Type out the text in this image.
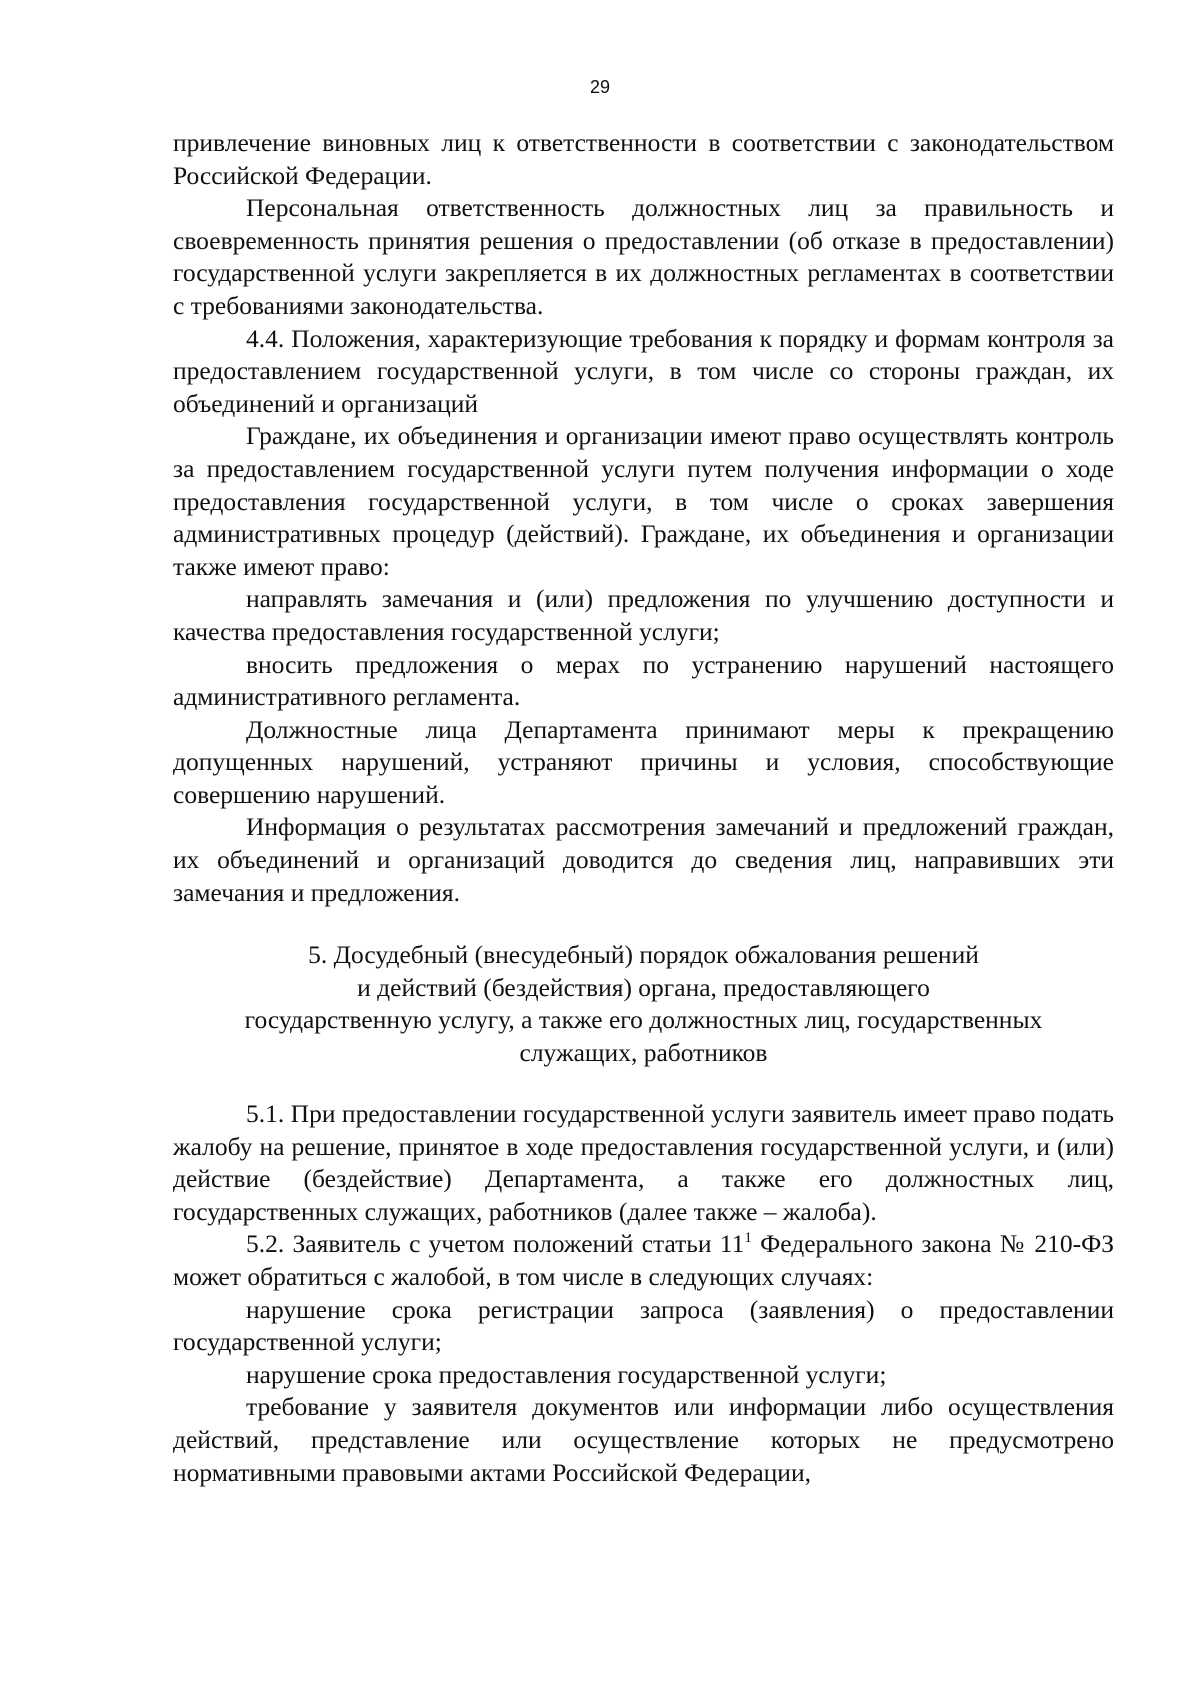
29

привлечение виновных лиц к ответственности в соответствии с законодательством Российской Федерации.

Персональная ответственность должностных лиц за правильность и своевременность принятия решения о предоставлении (об отказе в предоставлении) государственной услуги закрепляется в их должностных регламентах в соответствии с требованиями законодательства.

4.4. Положения, характеризующие требования к порядку и формам контроля за предоставлением государственной услуги, в том числе со стороны граждан, их объединений и организаций

Граждане, их объединения и организации имеют право осуществлять контроль за предоставлением государственной услуги путем получения информации о ходе предоставления государственной услуги, в том числе о сроках завершения административных процедур (действий). Граждане, их объединения и организации также имеют право:

направлять замечания и (или) предложения по улучшению доступности и качества предоставления государственной услуги;

вносить предложения о мерах по устранению нарушений настоящего административного регламента.

Должностные лица Департамента принимают меры к прекращению допущенных нарушений, устраняют причины и условия, способствующие совершению нарушений.

Информация о результатах рассмотрения замечаний и предложений граждан, их объединений и организаций доводится до сведения лиц, направивших эти замечания и предложения.

5. Досудебный (внесудебный) порядок обжалования решений
и действий (бездействия) органа, предоставляющего
государственную услугу, а также его должностных лиц, государственных
служащих, работников

5.1. При предоставлении государственной услуги заявитель имеет право подать жалобу на решение, принятое в ходе предоставления государственной услуги, и (или) действие (бездействие) Департамента, а также его должностных лиц, государственных служащих, работников (далее также – жалоба).

5.2. Заявитель с учетом положений статьи $11^1$ Федерального закона № 210-ФЗ может обратиться с жалобой, в том числе в следующих случаях:

нарушение срока регистрации запроса (заявления) о предоставлении государственной услуги;

нарушение срока предоставления государственной услуги;

требование у заявителя документов или информации либо осуществления действий, представление или осуществление которых не предусмотрено нормативными правовыми актами Российской Федерации,
